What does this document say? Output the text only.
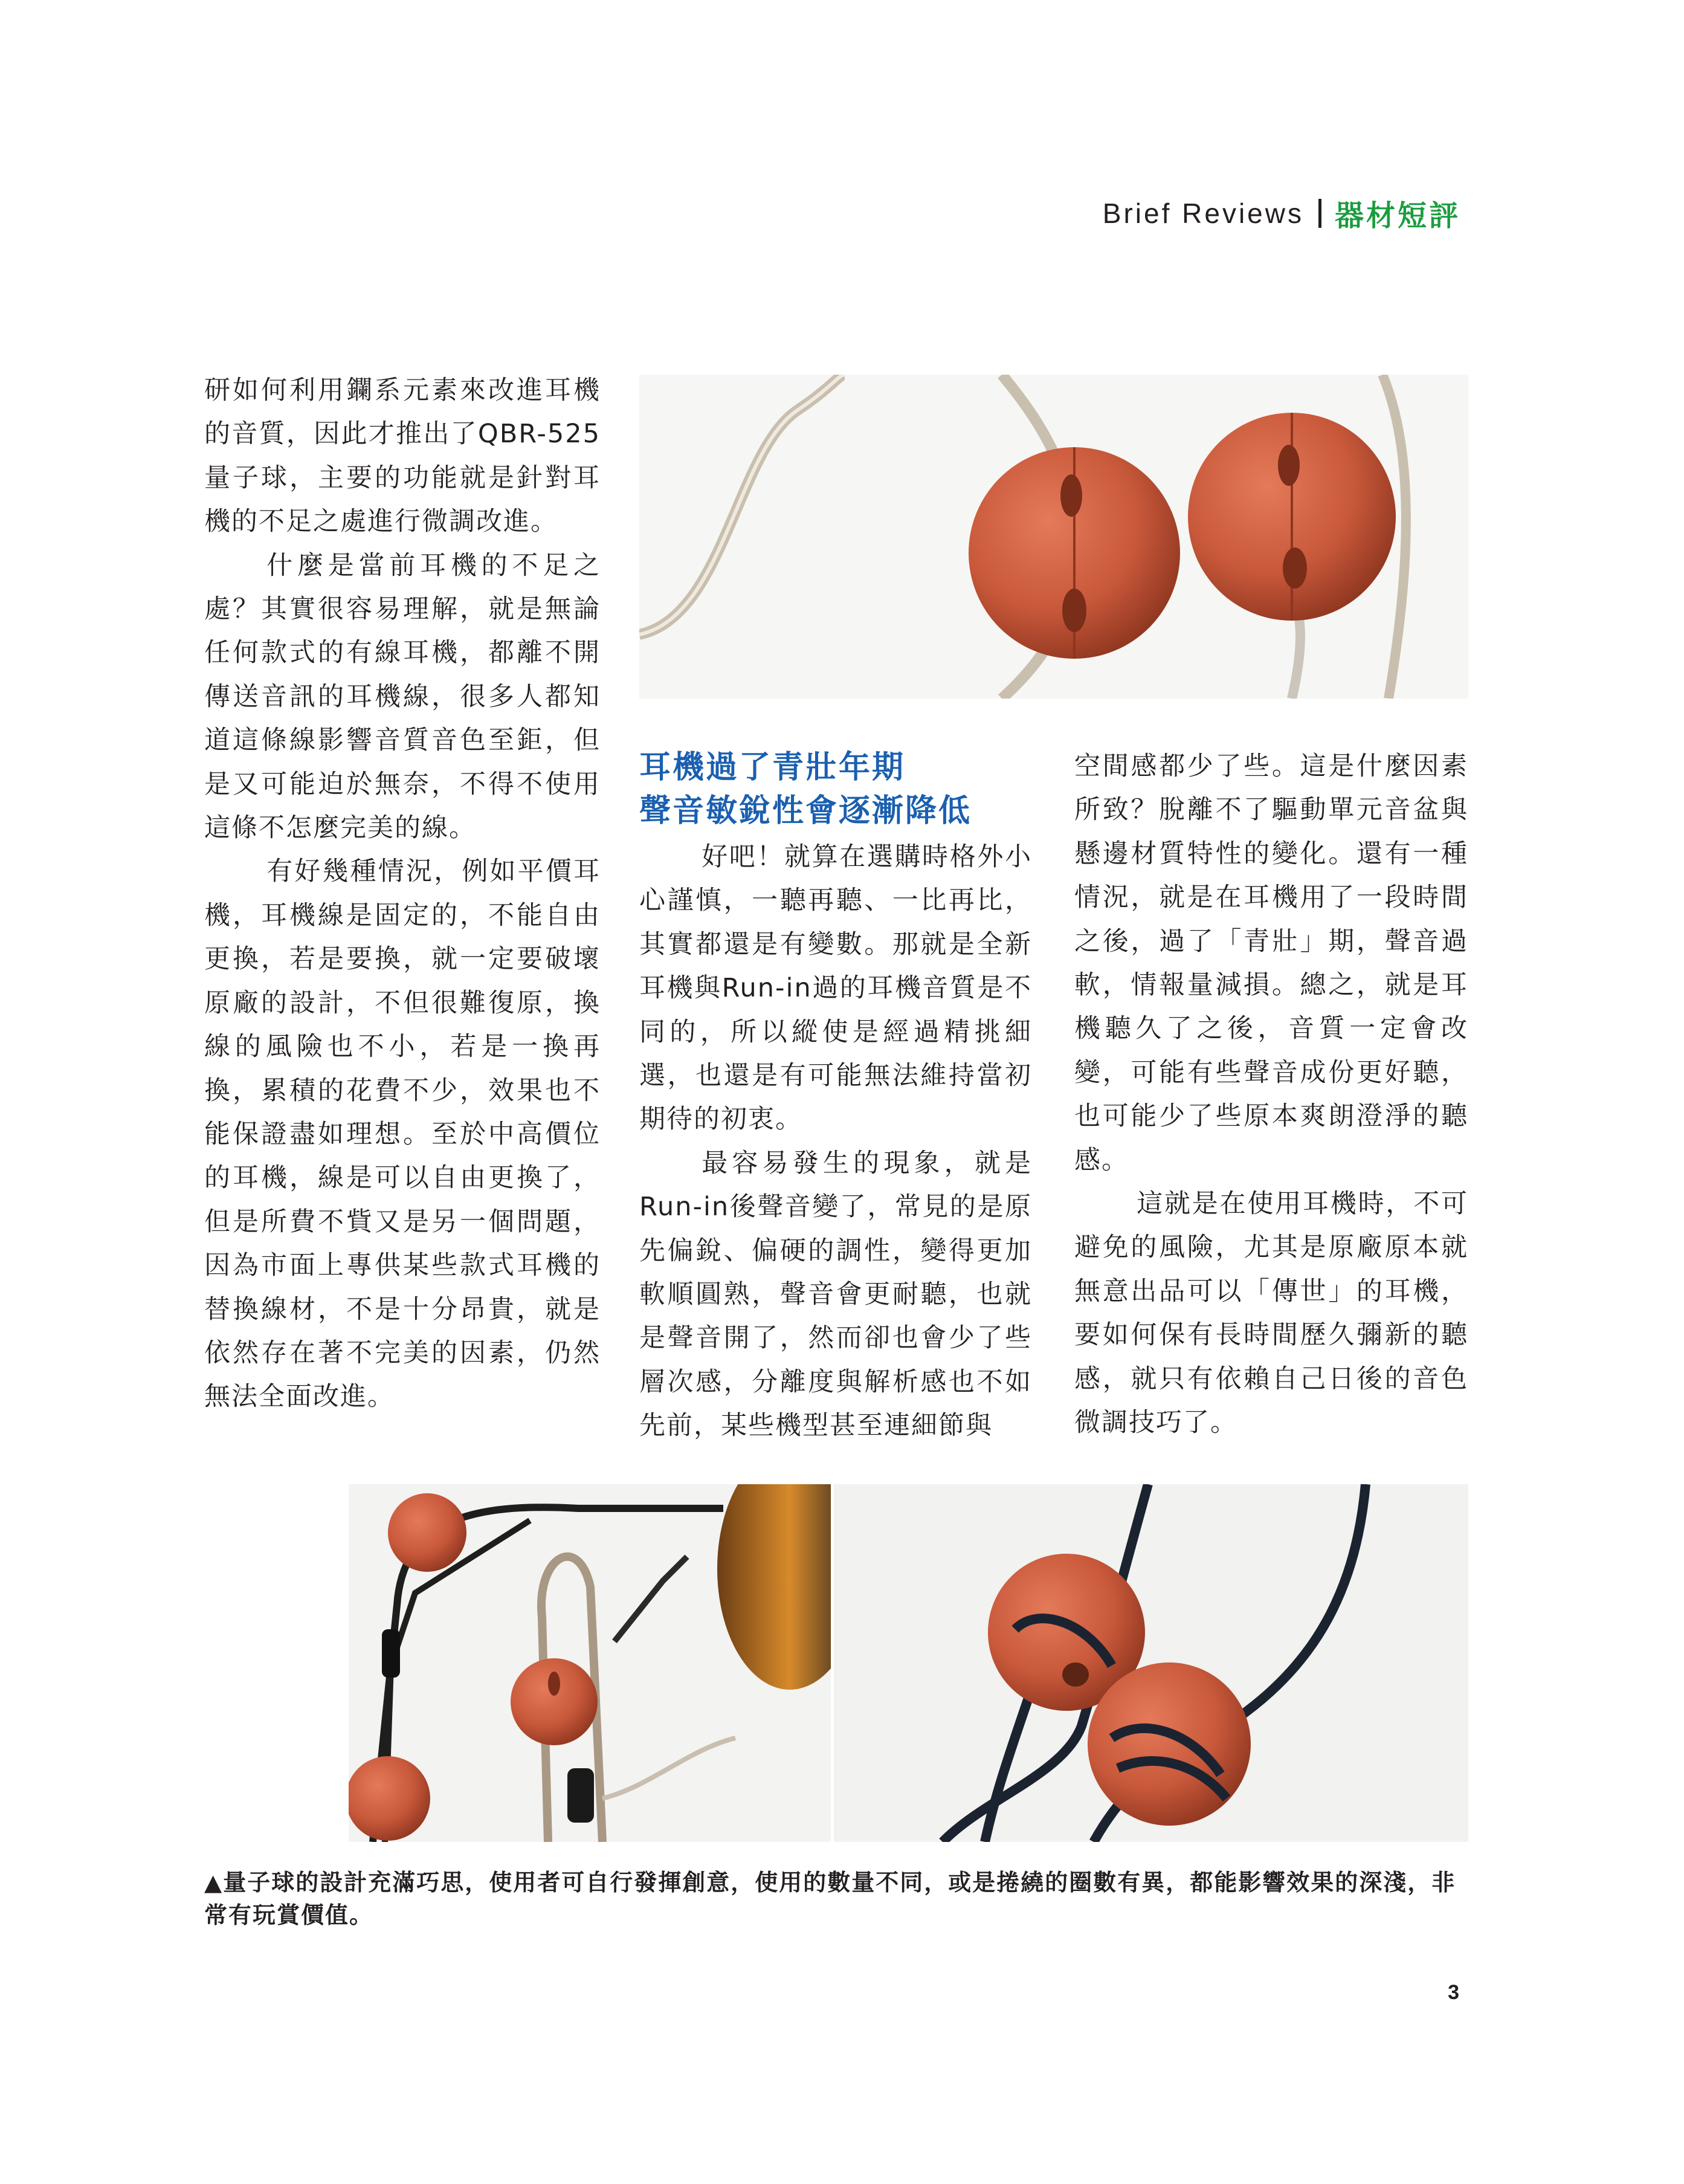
Brief Reviews 器材短評

研如何利用鑭系元素來改進耳機的音質，因此才推出了QBR-525量子球，主要的功能就是針對耳機的不足之處進行微調改進。

什麼是當前耳機的不足之處？其實很容易理解，就是無論任何款式的有線耳機，都離不開傳送音訊的耳機線，很多人都知道這條線影響音質音色至鉅，但是又可能迫於無奈，不得不使用這條不怎麼完美的線。

有好幾種情況，例如平價耳機，耳機線是固定的，不能自由更換，若是要換，就一定要破壞原廠的設計，不但很難復原，換線的風險也不小，若是一換再換，累積的花費不少，效果也不能保證盡如理想。至於中高價位的耳機，線是可以自由更換了，但是所費不貲又是另一個問題，因為市面上專供某些款式耳機的替換線材，不是十分昂貴，就是依然存在著不完美的因素，仍然無法全面改進。

耳機過了青壯年期
聲音敏銳性會逐漸降低

好吧！就算在選購時格外小心謹慎，一聽再聽、一比再比，其實都還是有變數。那就是全新耳機與Run-in過的耳機音質是不同的，所以縱使是經過精挑細選，也還是有可能無法維持當初期待的初衷。

最容易發生的現象，就是Run-in後聲音變了，常見的是原先偏銳、偏硬的調性，變得更加軟順圓熟，聲音會更耐聽，也就是聲音開了，然而卻也會少了些層次感，分離度與解析感也不如先前，某些機型甚至連細節與

空間感都少了些。這是什麼因素所致？脫離不了驅動單元音盆與懸邊材質特性的變化。還有一種情況，就是在耳機用了一段時間之後，過了「青壯」期，聲音過軟，情報量減損。總之，就是耳機聽久了之後，音質一定會改變，可能有些聲音成份更好聽，也可能少了些原本爽朗澄淨的聽感。

這就是在使用耳機時，不可避免的風險，尤其是原廠原本就無意出品可以「傳世」的耳機，要如何保有長時間歷久彌新的聽感，就只有依賴自己日後的音色微調技巧了。

▲量子球的設計充滿巧思，使用者可自行發揮創意，使用的數量不同，或是捲繞的圈數有異，都能影響效果的深淺，非常有玩賞價值。
3
